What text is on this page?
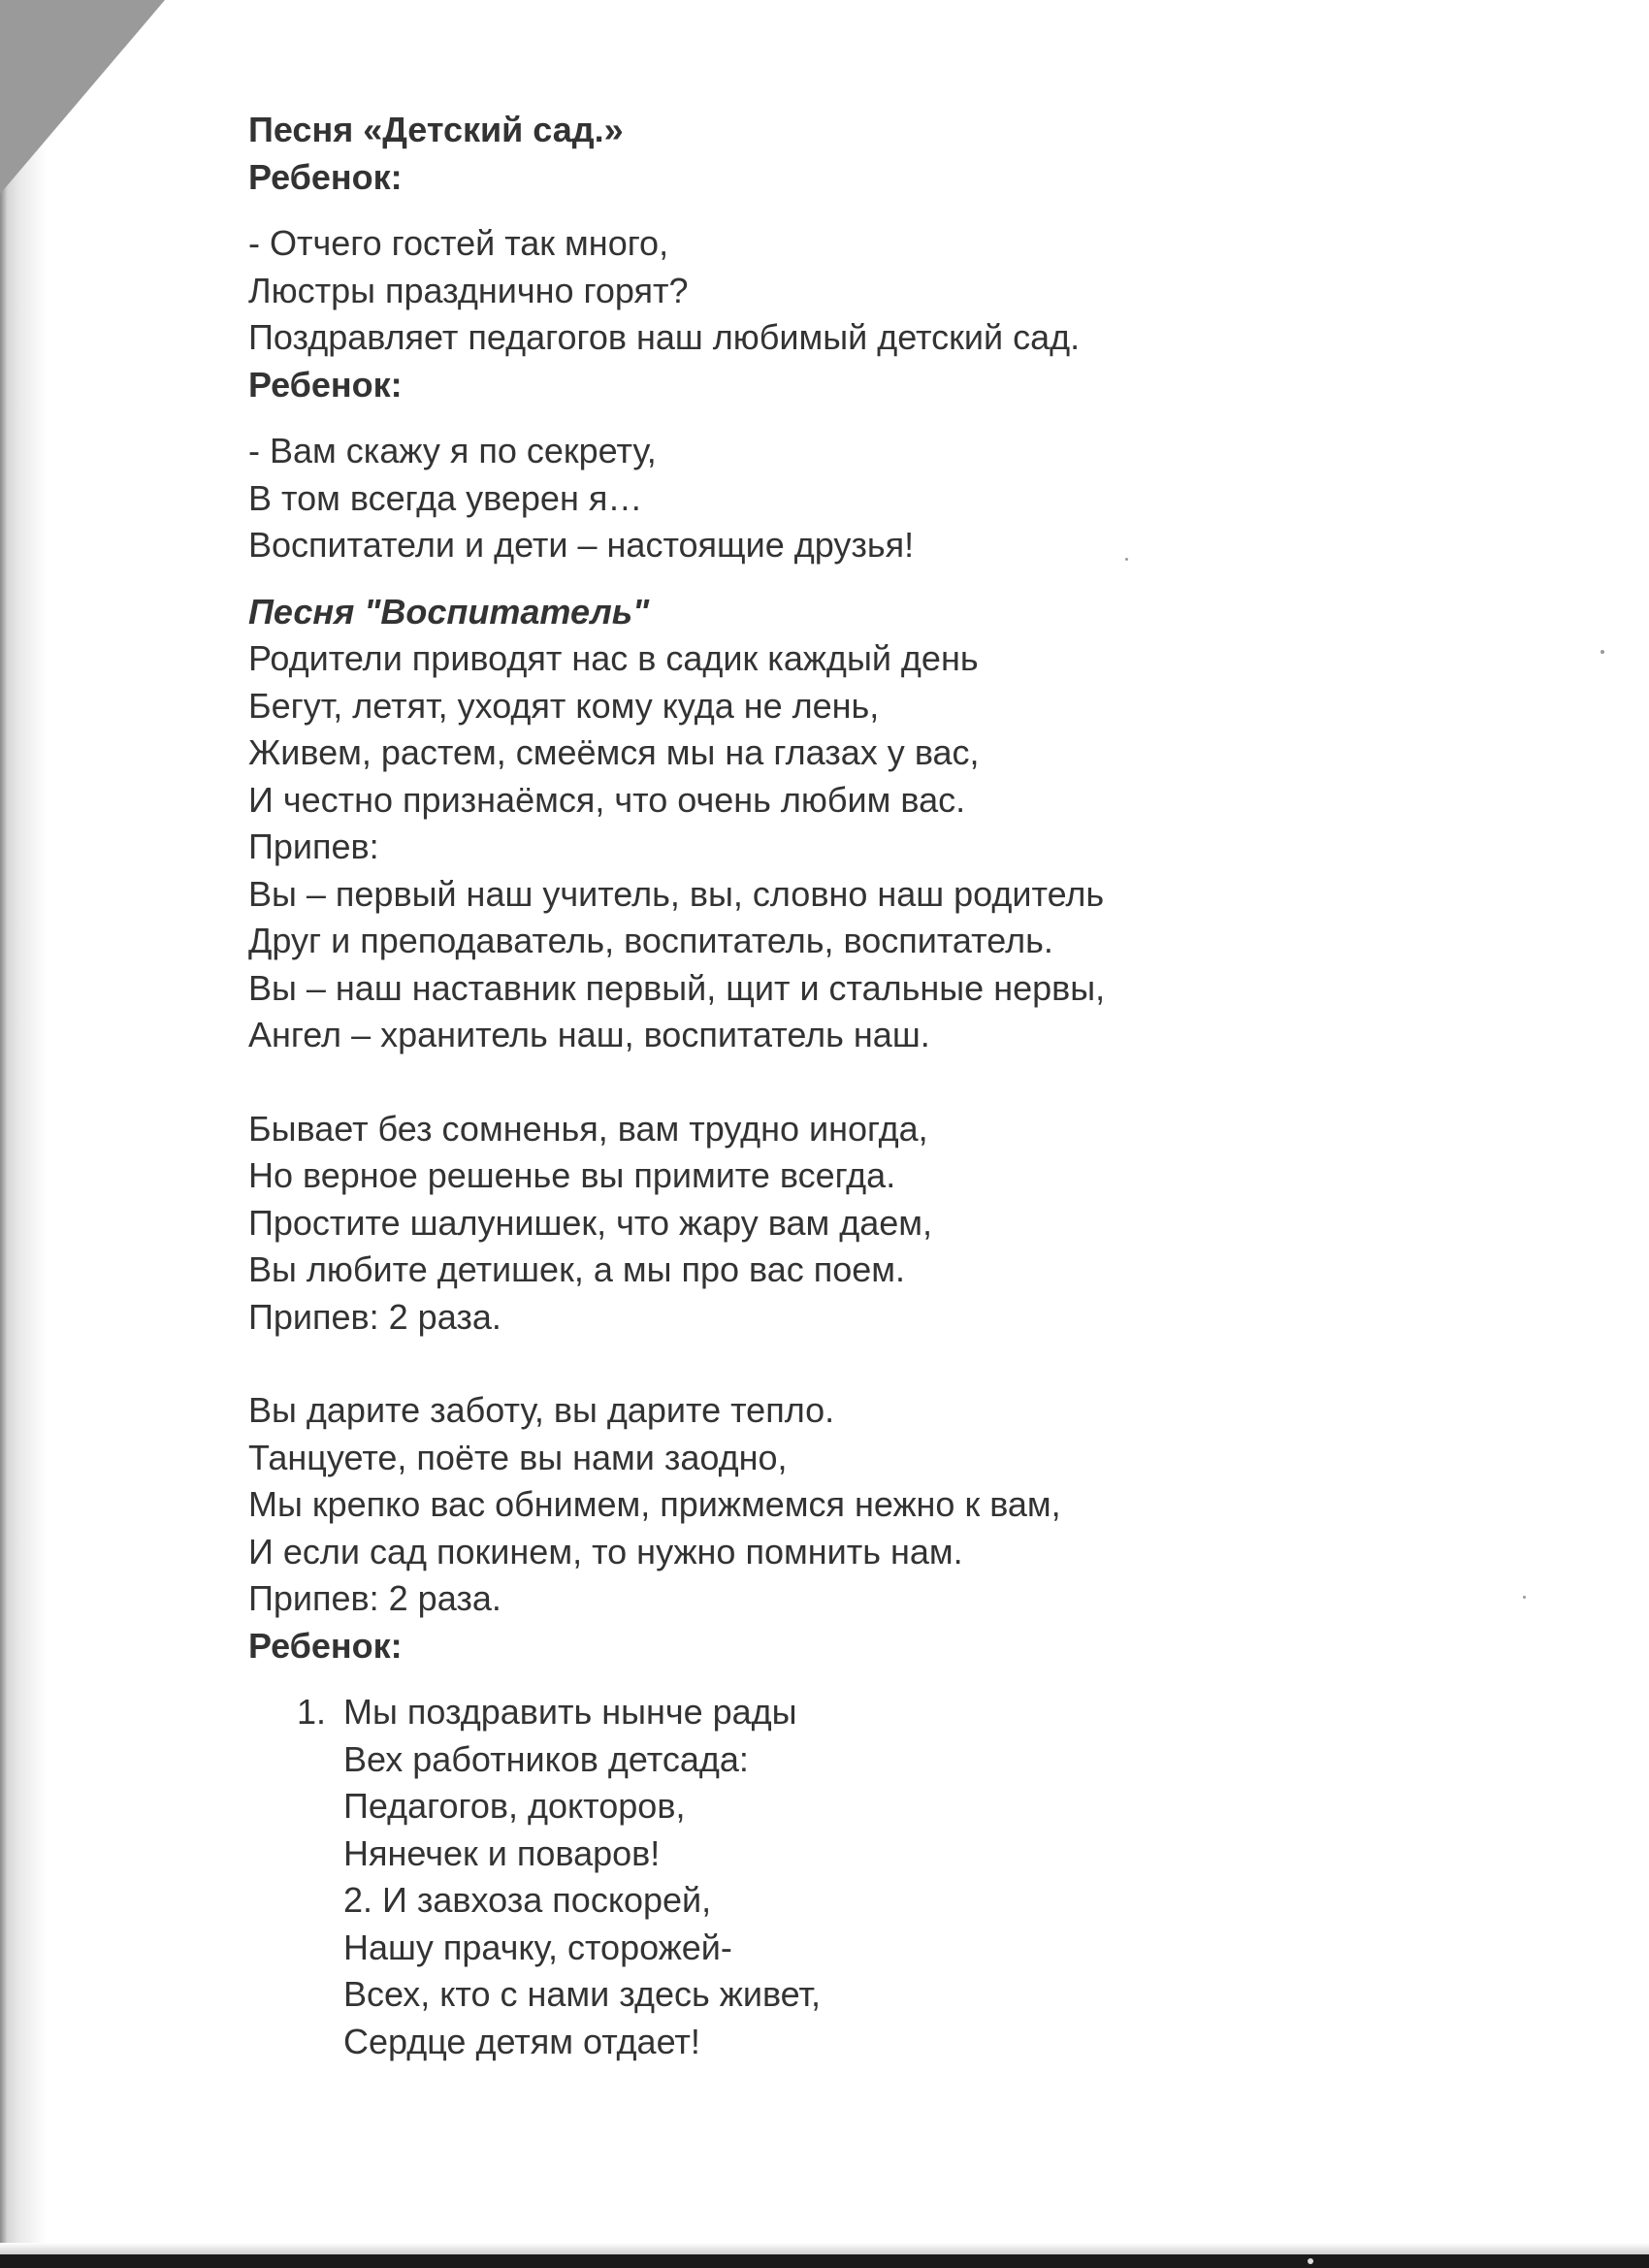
Песня «Детский сад.»
Ребенок:
- Отчего гостей так много,
Люстры празднично горят?
Поздравляет педагогов наш любимый детский сад.
Ребенок:
- Вам скажу я по секрету,
В том всегда уверен я…
Воспитатели и дети – настоящие друзья!
Песня "Воспитатель"
Родители приводят нас в садик каждый день
Бегут, летят, уходят кому куда не лень,
Живем, растем, смеёмся мы на глазах у вас,
И честно признаёмся, что очень любим вас.
Припев:
Вы – первый наш учитель, вы, словно наш родитель
Друг и преподаватель, воспитатель, воспитатель.
Вы – наш наставник первый, щит и стальные нервы,
Ангел – хранитель наш, воспитатель наш.
Бывает без сомненья, вам трудно иногда,
Но верное решенье вы примите всегда.
Простите шалунишек, что жару вам даем,
Вы любите детишек, а мы про вас поем.
Припев: 2 раза.
Вы дарите заботу, вы дарите тепло.
Танцуете, поёте вы нами заодно,
Мы крепко вас обнимем, прижмемся нежно к вам,
И если сад покинем, то нужно помнить нам.
Припев: 2 раза.
Ребенок:
1. Мы поздравить нынче рады
Вех работников детсада:
Педагогов, докторов,
Нянечек и поваров!
2. И завхоза поскорей,
Нашу прачку, сторожей-
Всех, кто с нами здесь живет,
Сердце детям отдает!
